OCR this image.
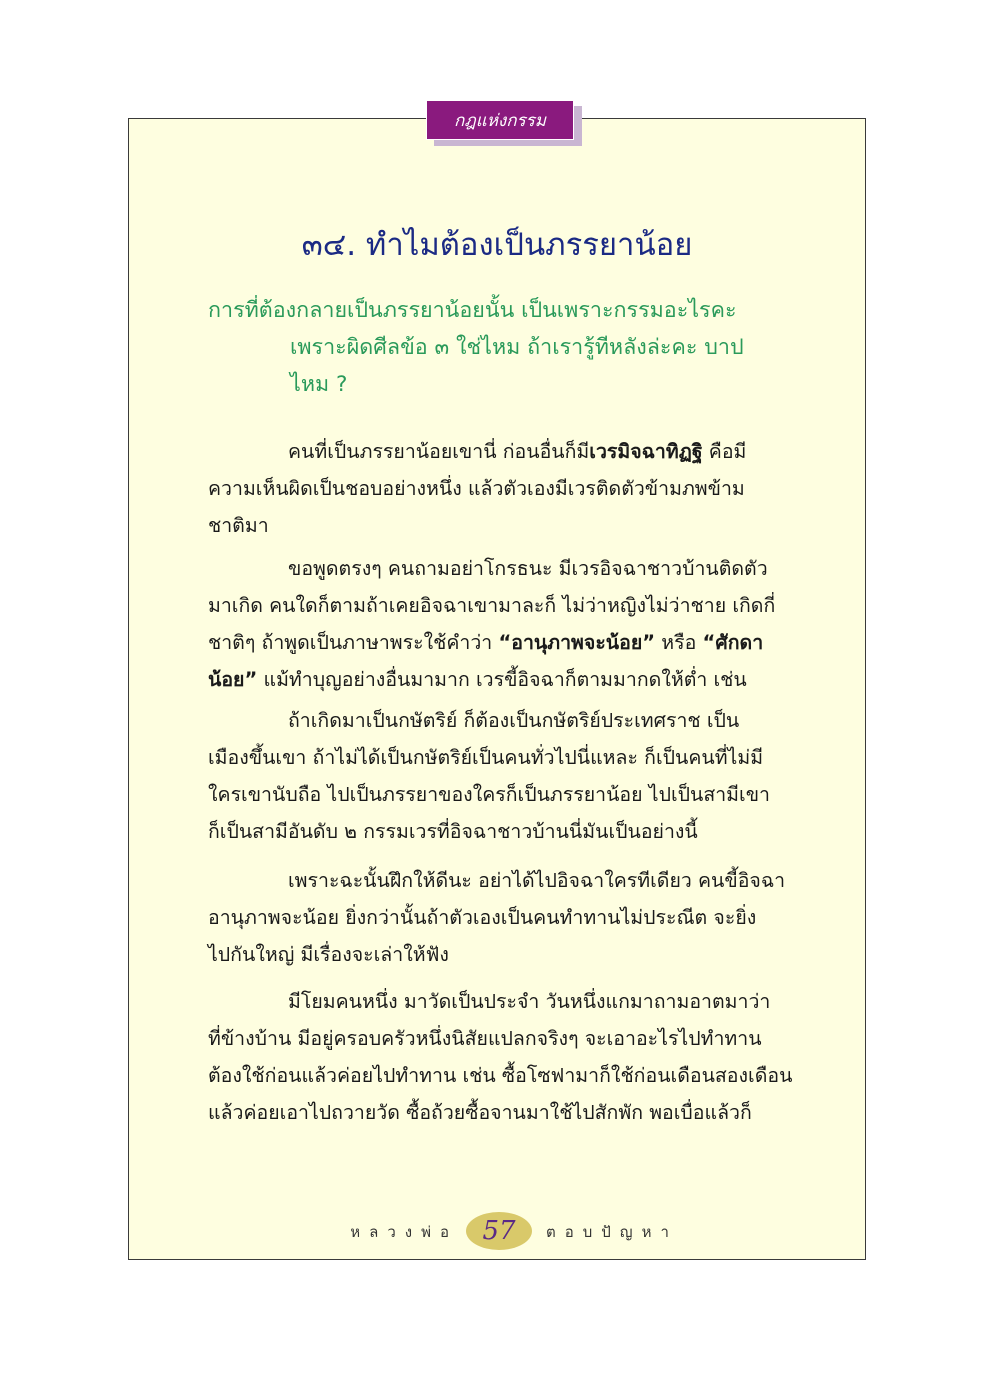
กฎแห่งกรรม
๓๔. ทำไมต้องเป็นภรรยาน้อย
การที่ต้องกลายเป็นภรรยาน้อยนั้น เป็นเพราะกรรมอะไรคะ
เพราะผิดศีลข้อ ๓ ใช่ไหม ถ้าเรารู้ทีหลังล่ะคะ บาป
ไหม ?
คนที่เป็นภรรยาน้อยเขานี่ ก่อนอื่นก็มีเวรมิจฉาทิฏฐิ คือมี
ความเห็นผิดเป็นชอบอย่างหนึ่ง แล้วตัวเองมีเวรติดตัวข้ามภพข้าม
ชาติมา
ขอพูดตรงๆ คนถามอย่าโกรธนะ มีเวรอิจฉาชาวบ้านติดตัว
มาเกิด คนใดก็ตามถ้าเคยอิจฉาเขามาละก็ ไม่ว่าหญิงไม่ว่าชาย เกิดกี่
ชาติๆ ถ้าพูดเป็นภาษาพระใช้คำว่า “อานุภาพจะน้อย” หรือ “ศักดา
น้อย” แม้ทำบุญอย่างอื่นมามาก เวรขี้อิจฉาก็ตามมากดให้ต่ำ เช่น
ถ้าเกิดมาเป็นกษัตริย์ ก็ต้องเป็นกษัตริย์ประเทศราช เป็น
เมืองขึ้นเขา ถ้าไม่ได้เป็นกษัตริย์เป็นคนทั่วไปนี่แหละ ก็เป็นคนที่ไม่มี
ใครเขานับถือ ไปเป็นภรรยาของใครก็เป็นภรรยาน้อย ไปเป็นสามีเขา
ก็เป็นสามีอันดับ ๒ กรรมเวรที่อิจฉาชาวบ้านนี่มันเป็นอย่างนี้
เพราะฉะนั้นฝึกให้ดีนะ อย่าได้ไปอิจฉาใครทีเดียว คนขี้อิจฉา
อานุภาพจะน้อย ยิ่งกว่านั้นถ้าตัวเองเป็นคนทำทานไม่ประณีต จะยิ่ง
ไปกันใหญ่ มีเรื่องจะเล่าให้ฟัง
มีโยมคนหนึ่ง มาวัดเป็นประจำ วันหนึ่งแกมาถามอาตมาว่า
ที่ข้างบ้าน มีอยู่ครอบครัวหนึ่งนิสัยแปลกจริงๆ จะเอาอะไรไปทำทาน
ต้องใช้ก่อนแล้วค่อยไปทำทาน เช่น ซื้อโซฟามาก็ใช้ก่อนเดือนสองเดือน
แล้วค่อยเอาไปถวายวัด ซื้อถ้วยซื้อจานมาใช้ไปสักพัก พอเบื่อแล้วก็
หลวงพ่อ 57	ตอบปัญหา
